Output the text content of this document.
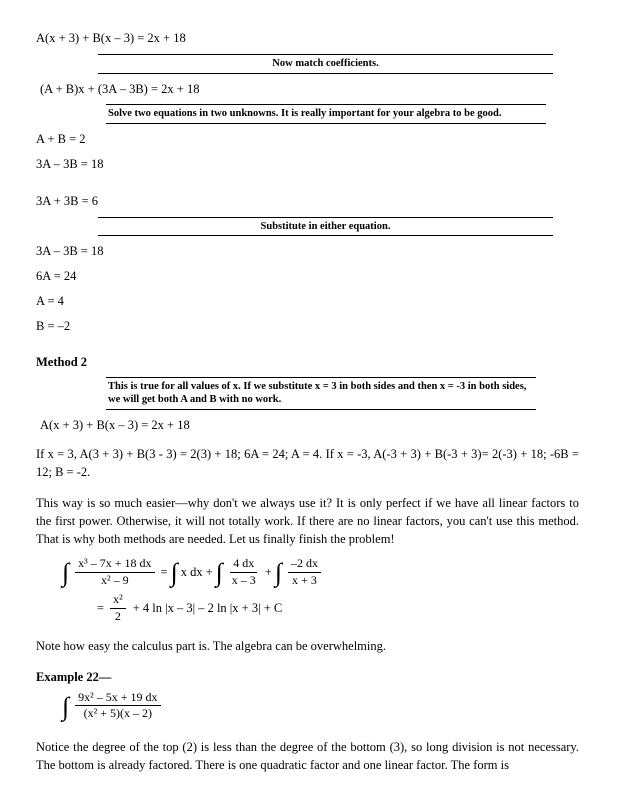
A(x + 3) + B(x – 3) = 2x + 18
Now match coefficients.
(A + B)x + (3A – 3B) = 2x + 18
Solve two equations in two unknowns. It is really important for your algebra to be good.
A + B = 2
3A – 3B = 18
3A + 3B = 6
Substitute in either equation.
3A – 3B = 18
6A = 24
A = 4
B = –2
Method 2
This is true for all values of x. If we substitute x = 3 in both sides and then x = -3 in both sides, we will get both A and B with no work.
A(x + 3) + B(x – 3) = 2x + 18

If x = 3, A(3 + 3) + B(3 - 3) = 2(3) + 18; 6A = 24; A = 4. If x = -3, A(-3 + 3) + B(-3 + 3)= 2(-3) + 18; -6B = 12; B = -2.

This way is so much easier—why don't we always use it? It is only perfect if we have all linear factors to the first power. Otherwise, it will not totally work. If there are no linear factors, you can't use this method. That is why both methods are needed. Let us finally finish the problem!

∫ $\frac{\text{x³ – 7x + 18 dx}}{\text{x² – 9}}$ = ∫ x dx + ∫ $\frac{4 dx}{x - 3}$ + ∫ $\frac{-2 dx}{x + 3}$
= $\frac{\text{x²}}{2} + 4$ ln |x – 3| – 2 ln |x + 3| + C

Note how easy the calculus part is. The algebra can be overwhelming.

Example 22—
∫ $\frac{\text{9x² – 5x + 19 dx}}{\text{(x² + 5)(x – 2)}}$

Notice the degree of the top (2) is less than the degree of the bottom (3), so long division is not necessary. The bottom is already factored. There is one quadratic factor and one linear factor. The form is
